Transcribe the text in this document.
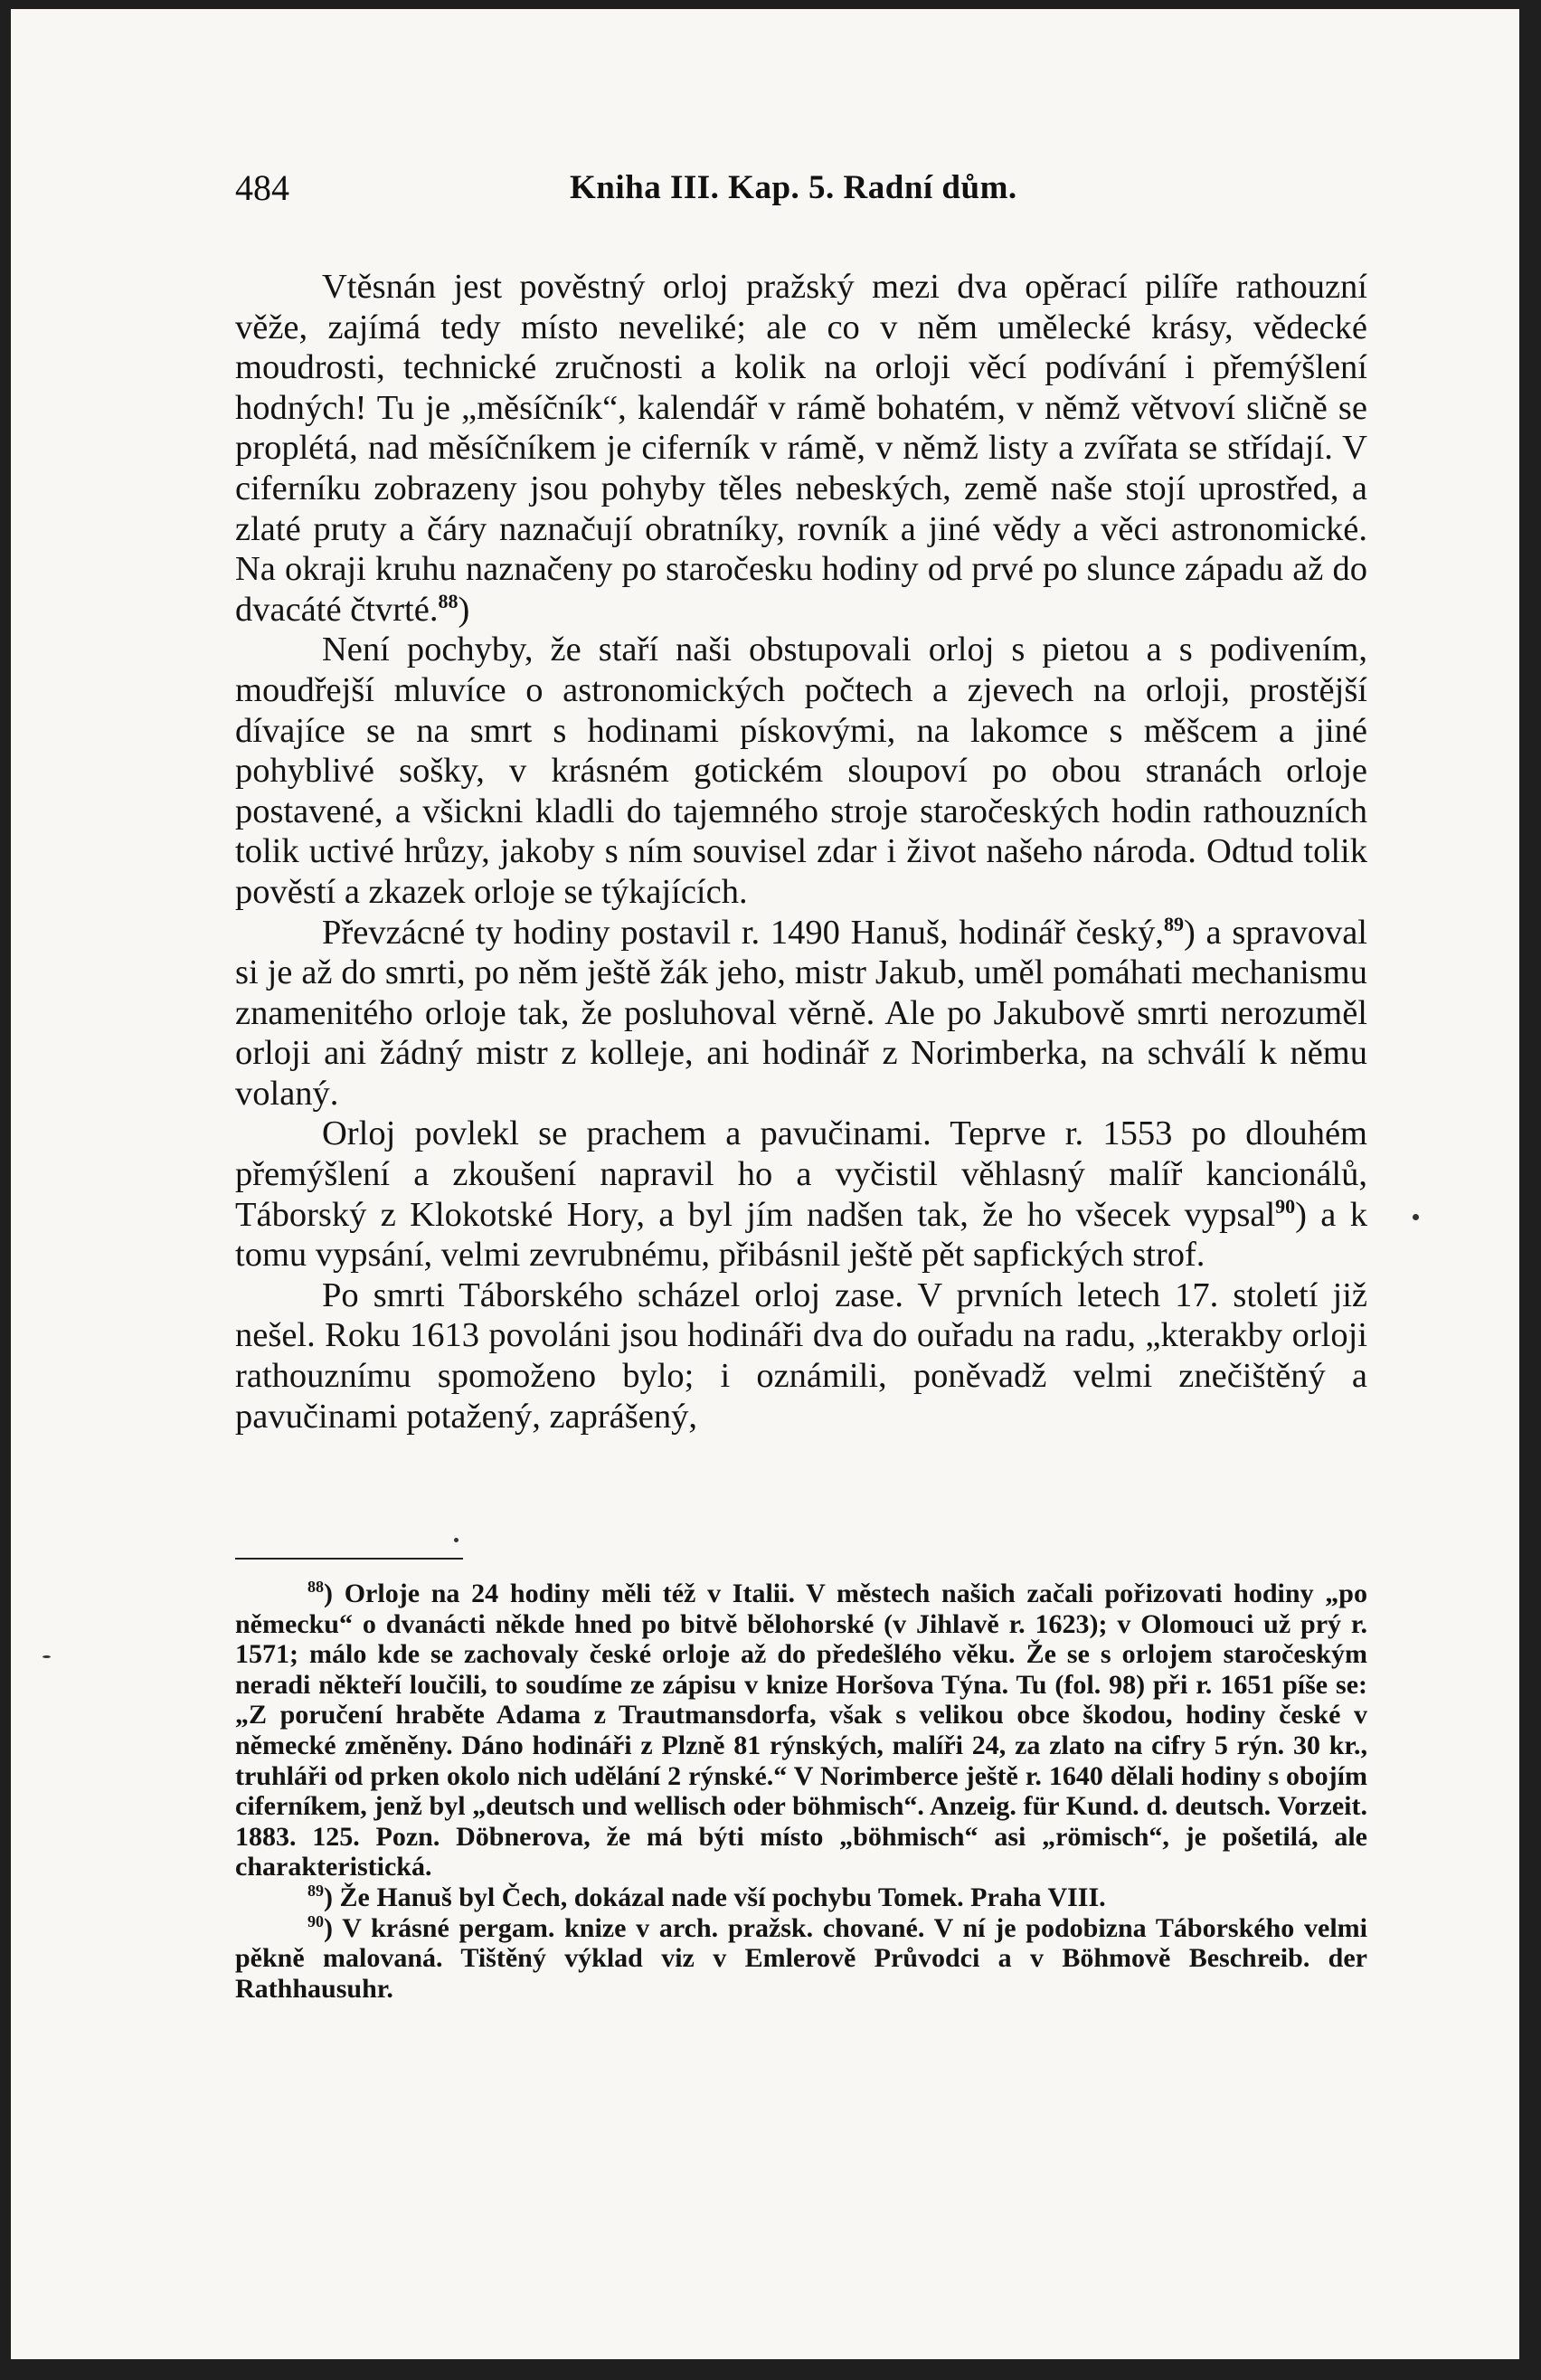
484	Kniha III. Kap. 5. Radní dům.

Vtěsnán jest pověstný orloj pražský mezi dva opěrací pilíře rathouzní věže, zajímá tedy místo neveliké; ale co v něm umělecké krásy, vědecké moudrosti, technické zručnosti a kolik na orloji věcí podívání i přemýšlení hodných! Tu je „měsíčník“, kalendář v rámě bohatém, v němž větvoví sličně se proplétá, nad měsíčníkem je ciferník v rámě, v němž listy a zvířata se střídají. V ciferníku zobrazeny jsou pohyby těles nebeských, země naše stojí uprostřed, a zlaté pruty a čáry naznačují obratníky, rovník a jiné vědy a věci astronomické. Na okraji kruhu naznačeny po staročesku hodiny od prvé po slunce západu až do dvacáté čtvrté.$^{88}$)

Není pochyby, že staří naši obstupovali orloj s pietou a s podivením, moudřejší mluvíce o astronomických počtech a zjevech na orloji, prostější dívajíce se na smrt s hodinami pískovými, na lakomce s měšcem a jiné pohyblivé sošky, v krásném gotickém sloupoví po obou stranách orloje postavené, a všickni kladli do tajemného stroje staročeských hodin rathouzních tolik uctivé hrůzy, jakoby s ním souvisel zdar i život našeho národa. Odtud tolik pověstí a zkazek orloje se týkajících.

Převzácné ty hodiny postavil r. 1490 Hanuš, hodinář český,$^{89}$) a spravoval si je až do smrti, po něm ještě žák jeho, mistr Jakub, uměl pomáhati mechanismu znamenitého orloje tak, že posluhoval věrně. Ale po Jakubově smrti nerozuměl orloji ani žádný mistr z kolleje, ani hodinář z Norimberka, na schválí k němu volaný.

Orloj povlekl se prachem a pavučinami. Teprve r. 1553 po dlouhém přemýšlení a zkoušení napravil ho a vyčistil věhlasný malíř kancionálů, Táborský z Klokotské Hory, a byl jím nadšen tak, že ho všecek vypsal$^{90}$) a k tomu vypsání, velmi zevrubnému, přibásnil ještě pět sapfických strof.

Po smrti Táborského scházel orloj zase. V prvních letech 17. století již nešel. Roku 1613 povoláni jsou hodináři dva do ouřadu na radu, „kterakby orloji rathouznímu spomoženo bylo; i oznámili, poněvadž velmi znečištěný a pavučinami potažený, zaprášený,

$^{88}$) Orloje na 24 hodiny měli též v Italii. V městech našich začali pořizovati hodiny „po německu“ o dvanácti někde hned po bitvě bělohorské (v Jihlavě r. 1623); v Olomouci už prý r. 1571; málo kde se zachovaly české orloje až do předešlého věku. Že se s orlojem staročeským neradi někteří loučili, to soudíme ze zápisu v knize Horšova Týna. Tu (fol. 98) při r. 1651 píše se: „Z poručení hraběte Adama z Trautmansdorfa, však s velikou obce škodou, hodiny české v německé změněny. Dáno hodináři z Plzně 81 rýnských, malíři 24, za zlato na cifry 5 rýn. 30 kr., truhláři od prken okolo nich udělání 2 rýnské.“ V Norimberce ještě r. 1640 dělali hodiny s obojím ciferníkem, jenž byl „deutsch und wellisch oder böhmisch“. Anzeig. für Kund. d. deutsch. Vorzeit. 1883. 125. Pozn. Döbnerova, že má býti místo „böhmisch“ asi „römisch“, je pošetilá, ale charakteristická.

$^{89}$) Že Hanuš byl Čech, dokázal nade vší pochybu Tomek. Praha VIII.

$^{90}$) V krásné pergam. knize v arch. pražsk. chované. V ní je podobizna Táborského velmi pěkně malovaná. Tištěný výklad viz v Emlerově Průvodci a v Böhmově Beschreib. der Rathhausuhr.
